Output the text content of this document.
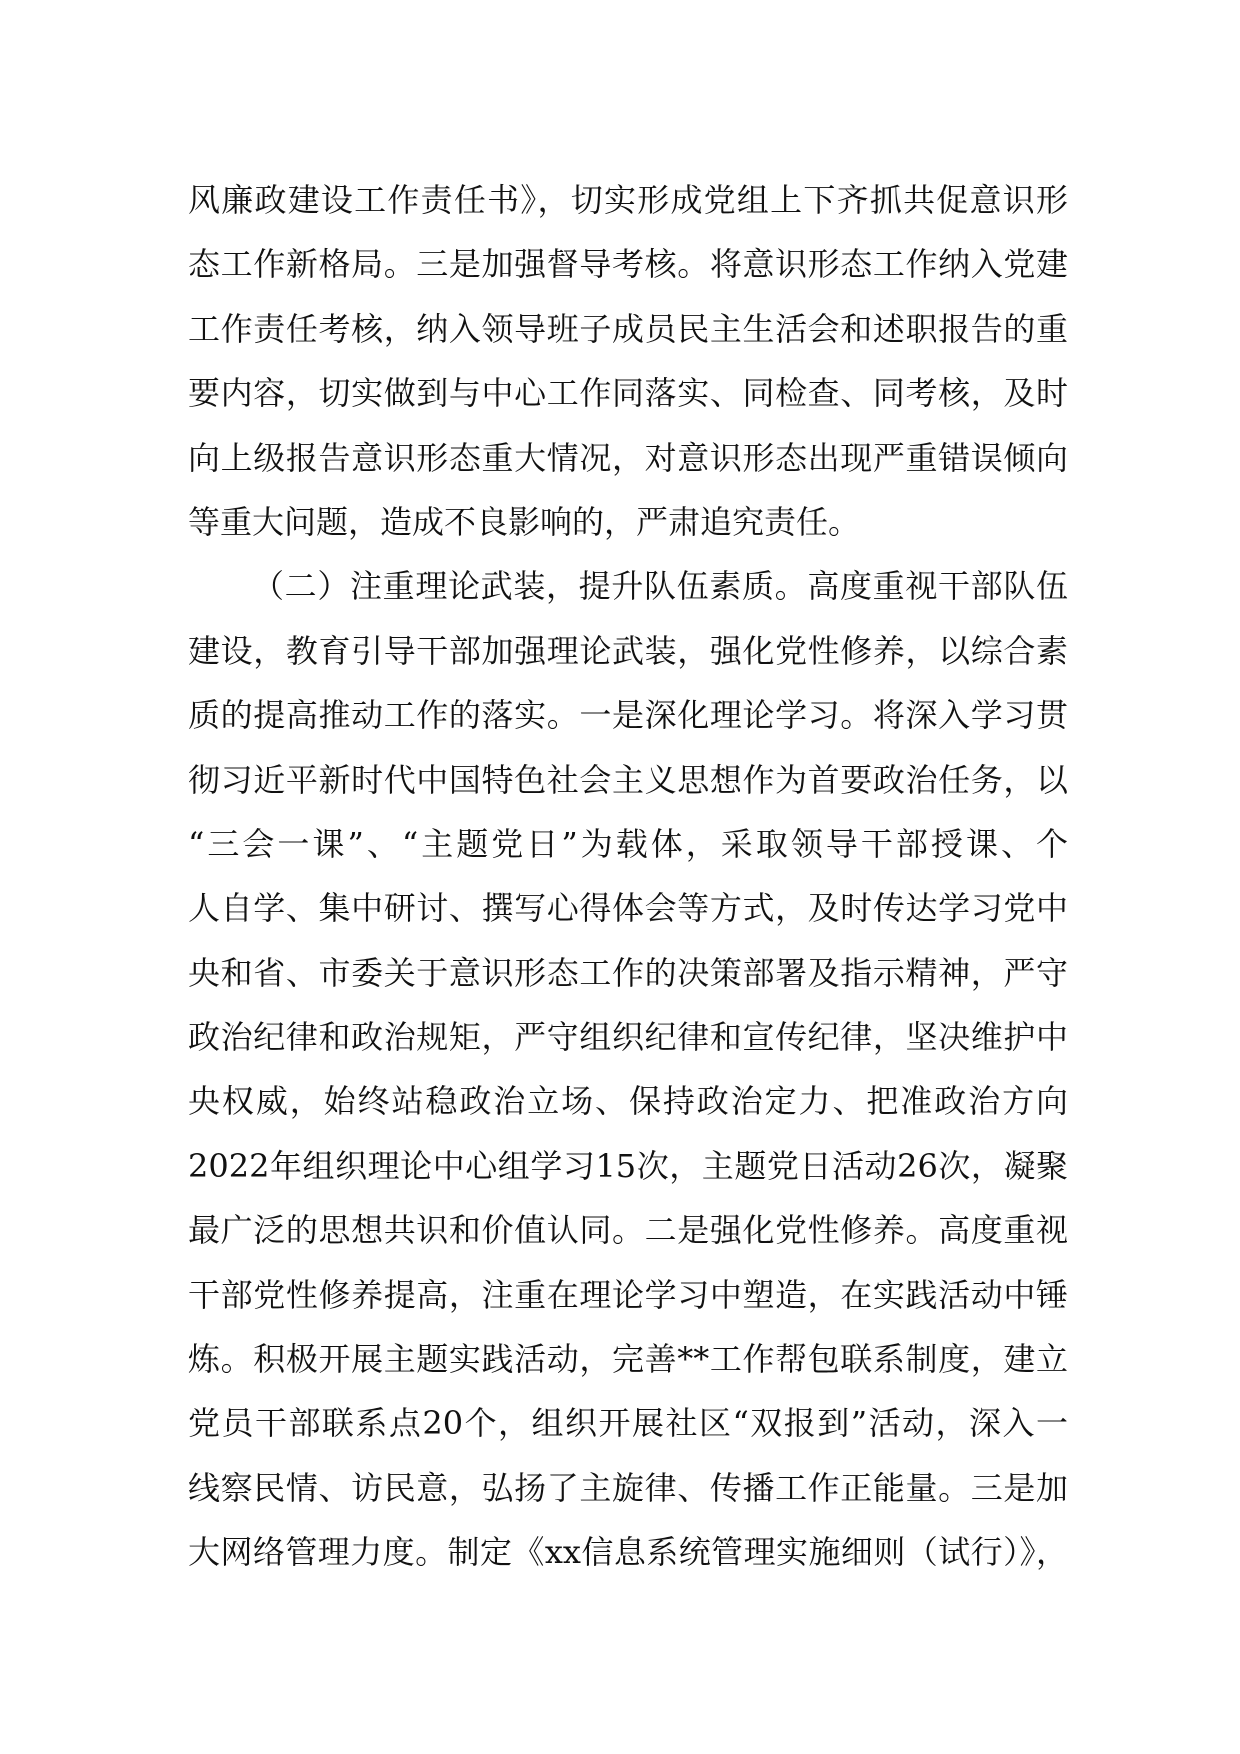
风廉政建设工作责任书》，切实形成党组上下齐抓共促意识形
态工作新格局。三是加强督导考核。将意识形态工作纳入党建
工作责任考核，纳入领导班子成员民主生活会和述职报告的重
要内容，切实做到与中心工作同落实、同检查、同考核，及时
向上级报告意识形态重大情况，对意识形态出现严重错误倾向
等重大问题，造成不良影响的，严肃追究责任。
（二）注重理论武装，提升队伍素质。高度重视干部队伍
建设，教育引导干部加强理论武装，强化党性修养，以综合素
质的提高推动工作的落实。一是深化理论学习。将深入学习贯
彻习近平新时代中国特色社会主义思想作为首要政治任务，以
“三会一课”、“主题党日”为载体，采取领导干部授课、个
人自学、集中研讨、撰写心得体会等方式，及时传达学习党中
央和省、市委关于意识形态工作的决策部署及指示精神，严守
政治纪律和政治规矩，严守组织纪律和宣传纪律，坚决维护中
央权威，始终站稳政治立场、保持政治定力、把准政治方向
2022年组织理论中心组学习15次，主题党日活动26次，凝聚
最广泛的思想共识和价值认同。二是强化党性修养。高度重视
干部党性修养提高，注重在理论学习中塑造，在实践活动中锤
炼。积极开展主题实践活动，完善**工作帮包联系制度，建立
党员干部联系点20个，组织开展社区“双报到”活动，深入一
线察民情、访民意，弘扬了主旋律、传播工作正能量。三是加
大网络管理力度。制定《xx信息系统管理实施细则（试行）》，
